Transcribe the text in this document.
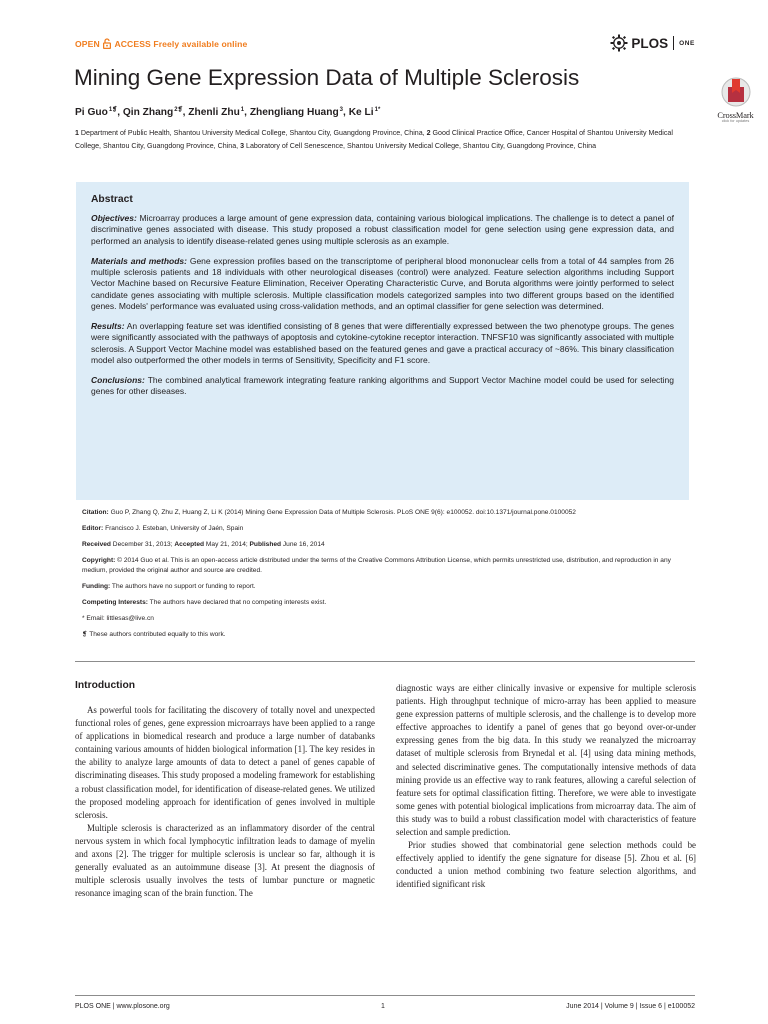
OPEN ACCESS Freely available online	PLOS ONE
Mining Gene Expression Data of Multiple Sclerosis
CrossMark
click for updates

Pi Guo$^{1❡}$, Qin Zhang$^{2❡}$, Zhenli Zhu$^1$, Zhengliang Huang$^3$, Ke $Li^{1*}$

1 Department of Public Health, Shantou University Medical College, Shantou City, Guangdong Province, China, 2 Good Clinical Practice Office, Cancer Hospital of Shantou University Medical College, Shantou City, Guangdong Province, China, 3 Laboratory of Cell Senescence, Shantou University Medical College, Shantou City, Guangdong Province, China

Abstract

Objectives: Microarray produces a large amount of gene expression data, containing various biological implications. The challenge is to detect a panel of discriminative genes associated with disease. This study proposed a robust classification model for gene selection using gene expression data, and performed an analysis to identify disease-related genes using multiple sclerosis as an example.

Materials and methods: Gene expression profiles based on the transcriptome of peripheral blood mononuclear cells from a total of 44 samples from 26 multiple sclerosis patients and 18 individuals with other neurological diseases (control) were analyzed. Feature selection algorithms including Support Vector Machine based on Recursive Feature Elimination, Receiver Operating Characteristic Curve, and Boruta algorithms were jointly performed to select candidate genes associating with multiple sclerosis. Multiple classification models categorized samples into two different groups based on the identified genes. Models' performance was evaluated using cross-validation methods, and an optimal classifier for gene selection was determined.

Results: An overlapping feature set was identified consisting of 8 genes that were differentially expressed between the two phenotype groups. The genes were significantly associated with the pathways of apoptosis and cytokine-cytokine receptor interaction. TNFSF10 was significantly associated with multiple sclerosis. A Support Vector Machine model was established based on the featured genes and gave a practical accuracy of ~86%. This binary classification model also outperformed the other models in terms of Sensitivity, Specificity and F1 score.

Conclusions: The combined analytical framework integrating feature ranking algorithms and Support Vector Machine model could be used for selecting genes for other diseases.

Citation: Guo P, Zhang Q, Zhu Z, Huang Z, Li K (2014) Mining Gene Expression Data of Multiple Sclerosis. PLoS ONE 9(6): e100052. doi:10.1371/journal.pone.0100052

Editor: Francisco J. Esteban, University of Jaén, Spain

Received December 31, 2013; Accepted May 21, 2014; Published June 16, 2014

Copyright: © 2014 Guo et al. This is an open-access article distributed under the terms of the Creative Commons Attribution License, which permits unrestricted use, distribution, and reproduction in any medium, provided the original author and source are credited.

Funding: The authors have no support or funding to report.

Competing Interests: The authors have declared that no competing interests exist.

* Email: littlesas@live.cn

❡ These authors contributed equally to this work.

Introduction

As powerful tools for facilitating the discovery of totally novel and unexpected functional roles of genes, gene expression microarrays have been applied to a range of applications in biomedical research and produce a large number of databanks containing various amounts of hidden biological information [1]. The key resides in the ability to analyze large amounts of data to detect a panel of genes capable of discriminating diseases. This study proposed a modeling framework for establishing a robust classification model, for identification of disease-related genes. We utilized the proposed modeling approach for identification of genes involved in multiple sclerosis.

Multiple sclerosis is characterized as an inflammatory disorder of the central nervous system in which focal lymphocytic infiltration leads to damage of myelin and axons [2]. The trigger for multiple sclerosis is unclear so far, although it is generally evaluated as an autoimmune disease [3]. At present the diagnosis of multiple sclerosis usually involves the tests of lumbar puncture or magnetic resonance imaging scan of the brain function. The

diagnostic ways are either clinically invasive or expensive for multiple sclerosis patients. High throughput technique of micro-array has been applied to measure gene expression patterns of multiple sclerosis, and the challenge is to develop more effective approaches to identify a panel of genes that go beyond over-or-under expressing genes from the big data. In this study we reanalyzed the microarray dataset of multiple sclerosis from Brynedal et al. [4] using data mining methods, and selected discriminative genes. The computationally intensive methods of data mining provide us an effective way to rank features, allowing a careful selection of feature sets for optimal classification fitting. Therefore, we were able to investigate some genes with potential biological implications from microarray data. The aim of this study was to build a robust classification model with characteristics of feature selection and sample prediction.

Prior studies showed that combinatorial gene selection methods could be effectively applied to identify the gene signature for disease [5]. Zhou et al. [6] conducted a union method combining two feature selection algorithms, and identified significant risk

PLOS ONE | www.plosone.org	1	June 2014 | Volume 9 | Issue 6 | e100052
